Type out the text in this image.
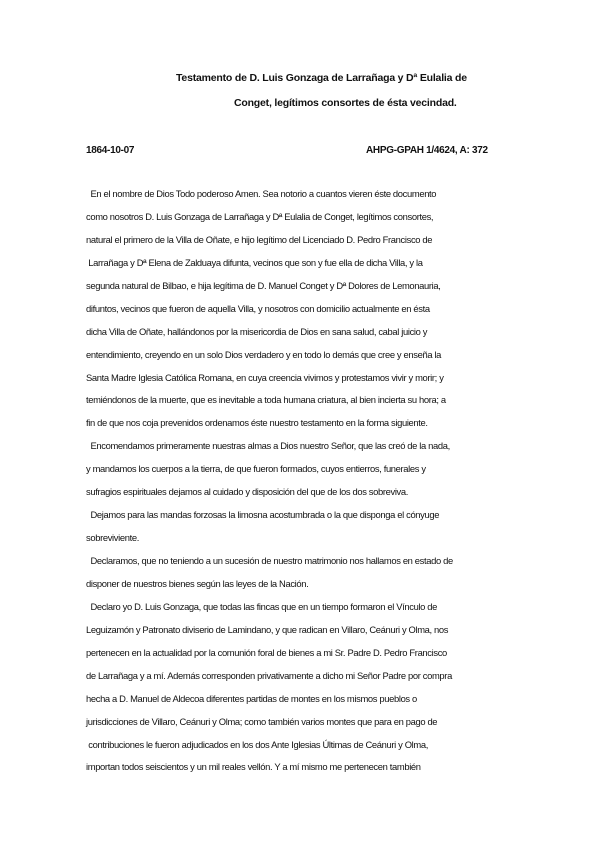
Testamento de D. Luis Gonzaga de Larrañaga y Dª Eulalia de
Conget, legítimos consortes de ésta vecindad.
1864-10-07	AHPG-GPAH 1/4624, A: 372
En el nombre de Dios Todo poderoso Amen. Sea notorio a cuantos vieren éste documento
como nosotros D. Luis Gonzaga de Larrañaga y Dª Eulalia de Conget, legítimos consortes,
natural el primero de la Villa de Oñate, e hijo legítimo del Licenciado D. Pedro Francisco de
Larrañaga y Dª Elena de Zalduaya difunta, vecinos que son y fue ella de dicha Villa, y la
segunda natural de Bilbao, e hija legítima de D. Manuel Conget y Dª Dolores de Lemonauria,
difuntos, vecinos que fueron de aquella Villa, y nosotros con domicilio actualmente en ésta
dicha Villa de Oñate, hallándonos por la misericordia de Dios en sana salud, cabal juicio y
entendimiento, creyendo en un solo Dios verdadero y en todo lo demás que cree y enseña la
Santa Madre Iglesia Católica Romana, en cuya creencia vivimos y protestamos vivir y morir; y
temiéndonos de la muerte, que es inevitable a toda humana criatura, al bien incierta su hora; a
fin de que nos coja prevenidos ordenamos éste nuestro testamento en la forma siguiente.
Encomendamos primeramente nuestras almas a Dios nuestro Señor, que las creó de la nada,
y mandamos los cuerpos a la tierra, de que fueron formados, cuyos entierros, funerales y
sufragios espirituales dejamos al cuidado y disposición del que de los dos sobreviva.
Dejamos para las mandas forzosas la limosna acostumbrada o la que disponga el cónyuge
sobreviviente.
Declaramos, que no teniendo a un sucesión de nuestro matrimonio nos hallamos en estado de
disponer de nuestros bienes según las leyes de la Nación.
Declaro yo D. Luis Gonzaga, que todas las fincas que en un tiempo formaron el Vínculo de
Leguizamón y Patronato diviserio de Lamindano, y que radican en Villaro, Ceánuri y Olma, nos
pertenecen en la actualidad por la comunión foral de bienes a mi Sr. Padre D. Pedro Francisco
de Larrañaga y a mí. Además corresponden privativamente a dicho mi Señor Padre por compra
hecha a D. Manuel de Aldecoa diferentes partidas de montes en los mismos pueblos o
jurisdicciones de Villaro, Ceánuri y Olma; como también varios montes que para en pago de
contribuciones le fueron adjudicados en los dos Ante Iglesias Últimas de Ceánuri y Olma,
importan todos seiscientos y un mil reales vellón. Y a mí mismo me pertenecen también
